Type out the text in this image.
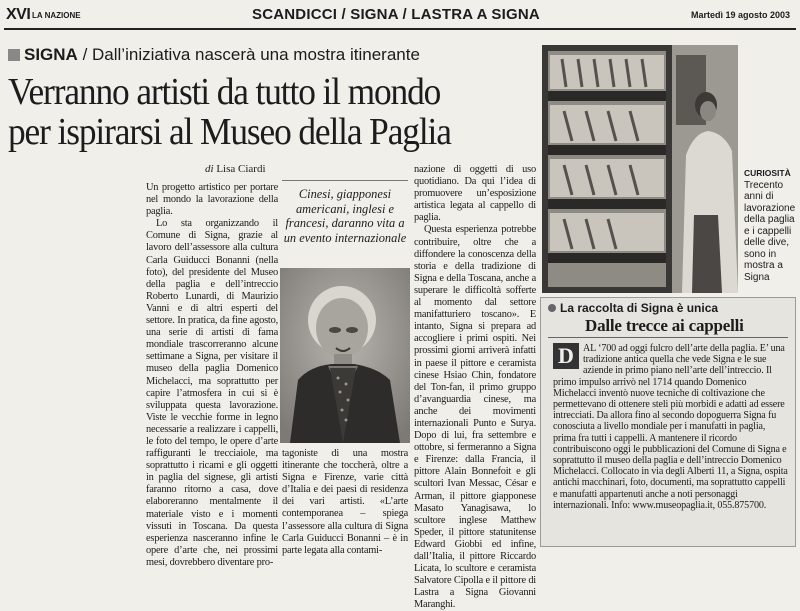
XVI LA NAZIONE	SCANDICCI / SIGNA / LASTRA A SIGNA	Martedì 19 agosto 2003
SIGNA / Dall’iniziativa nascerà una mostra itinerante
Verranno artisti da tutto il mondo
per ispirarsi al Museo della Paglia
di Lisa Ciardi

Un progetto artistico per portare nel mondo la lavorazione della paglia.

Lo sta organizzando il Comune di Signa, grazie al lavoro dell’assessore alla cultura Carla Guiducci Bonanni (nella foto), del presidente del Museo della paglia e dell’intreccio Roberto Lunardi, di Maurizio Vanni e di altri esperti del settore. In pratica, da fine agosto, una serie di artisti di fama mondiale trascorreranno alcune settimane a Signa, per visitare il museo della paglia Domenico Michelacci, ma soprattutto per capire l’atmosfera in cui si è sviluppata questa lavorazione. Viste le vecchie forme in legno necessarie a realizzare i cappelli, le foto del tempo, le opere d’arte raffiguranti le trecciaiole, ma soprattutto i ricami e gli oggetti in paglia del signese, gli artisti faranno ritorno a casa, dove elaboreranno mentalmente il materiale visto e i momenti vissuti in Toscana. Da questa esperienza nasceranno infine le opere d’arte che, nei prossimi mesi, dovrebbero diventare pro-

Cinesi, giapponesi americani, inglesi e francesi, daranno vita a un evento internazionale

tagoniste di una mostra itinerante che toccherà, oltre a Signa e Firenze, varie città d’Italia e dei paesi di residenza dei vari artisti. «L’arte contemporanea – spiega l’assessore alla cultura di Signa Carla Guiducci Bonanni – è in parte legata alla contami-

nazione di oggetti di uso quotidiano. Da qui l’idea di promuovere un’esposizione artistica legata al cappello di paglia.

Questa esperienza potrebbe contribuire, oltre che a diffondere la conoscenza della storia e della tradizione di Signa e della Toscana, anche a superare le difficoltà sofferte al momento dal settore manifatturiero toscano». E intanto, Signa si prepara ad accogliere i primi ospiti. Nei prossimi giorni arriverà infatti in paese il pittore e ceramista cinese Hsiao Chin, fondatore del Ton-fan, il primo gruppo d’avanguardia cinese, ma anche dei movimenti internazionali Punto e Surya. Dopo di lui, fra settembre e ottobre, si fermeranno a Signa e Firenze: dalla Francia, il pittore Alain Bonnefoit e gli scultori Ivan Messac, César e Arman, il pittore giapponese Masato Yanagisawa, lo scultore inglese Matthew Speder, il pittore statunitense Edward Giobbi ed infine, dall’Italia, il pittore Riccardo Licata, lo scultore e ceramista Salvatore Cipolla e il pittore di Lastra a Signa Giovanni Maranghi.

CURIOSITÀ
Trecento anni di lavorazione della paglia e i cappelli delle dive, sono in mostra a Signa
La raccolta di Signa è unica
Dalle trecce ai cappelli
AL ‘700 ad oggi fulcro dell’arte della paglia. E’ una tradizione antica quella che vede Signa e le sue aziende in primo piano nell’arte dell’intreccio. Il primo impulso arrivò nel 1714 quando Domenico Michelacci inventò nuove tecniche di coltivazione che permettevano di ottenere steli più morbidi e adatti ad essere intrecciati. Da allora fino al secondo dopoguerra Signa fu conosciuta a livello mondiale per i manufatti in paglia, prima fra tutti i cappelli. A mantenere il ricordo contribuiscono oggi le pubblicazioni del Comune di Signa e soprattutto il museo della paglia e dell’intreccio Domenico Michelacci. Collocato in via degli Alberti 11, a Signa, ospita antichi macchinari, foto, documenti, ma soprattutto cappelli e manufatti appartenuti anche a noti personaggi internazionali. Info: www.museopaglia.it, 055.875700.
D
